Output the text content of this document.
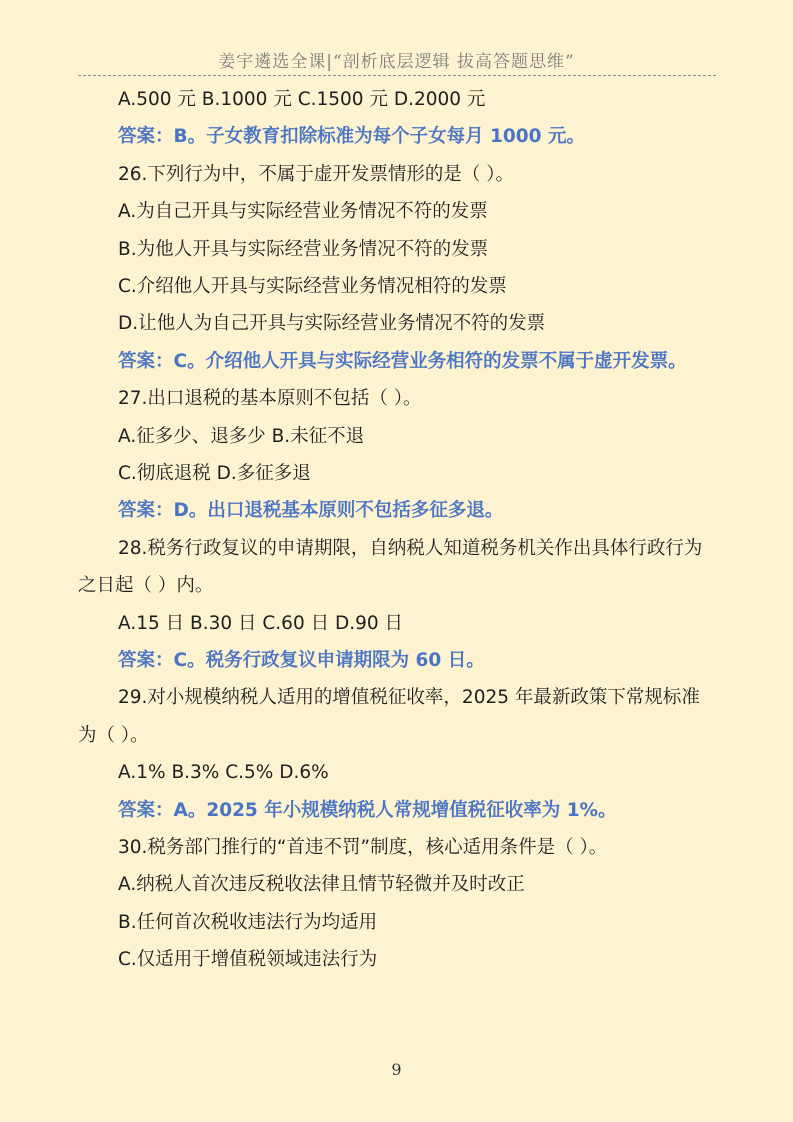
姜宇遴选全课|“剖析底层逻辑 拔高答题思维”
A.500 元 B.1000 元 C.1500 元 D.2000 元
答案：B。子女教育扣除标准为每个子女每月 1000 元。
26.下列行为中，不属于虚开发票情形的是（ ）。
A.为自己开具与实际经营业务情况不符的发票
B.为他人开具与实际经营业务情况不符的发票
C.介绍他人开具与实际经营业务情况相符的发票
D.让他人为自己开具与实际经营业务情况不符的发票
答案：C。介绍他人开具与实际经营业务相符的发票不属于虚开发票。
27.出口退税的基本原则不包括（ ）。
A.征多少、退多少 B.未征不退
C.彻底退税 D.多征多退
答案：D。出口退税基本原则不包括多征多退。
28.税务行政复议的申请期限，自纳税人知道税务机关作出具体行政行为之日起（ ）内。
A.15 日 B.30 日 C.60 日 D.90 日
答案：C。税务行政复议申请期限为 60 日。
29.对小规模纳税人适用的增值税征收率，2025 年最新政策下常规标准为（ ）。
A.1% B.3% C.5% D.6%
答案：A。2025 年小规模纳税人常规增值税征收率为 1%。
30.税务部门推行的“首违不罚”制度，核心适用条件是（ ）。
A.纳税人首次违反税收法律且情节轻微并及时改正
B.任何首次税收违法行为均适用
C.仅适用于增值税领域违法行为
9
